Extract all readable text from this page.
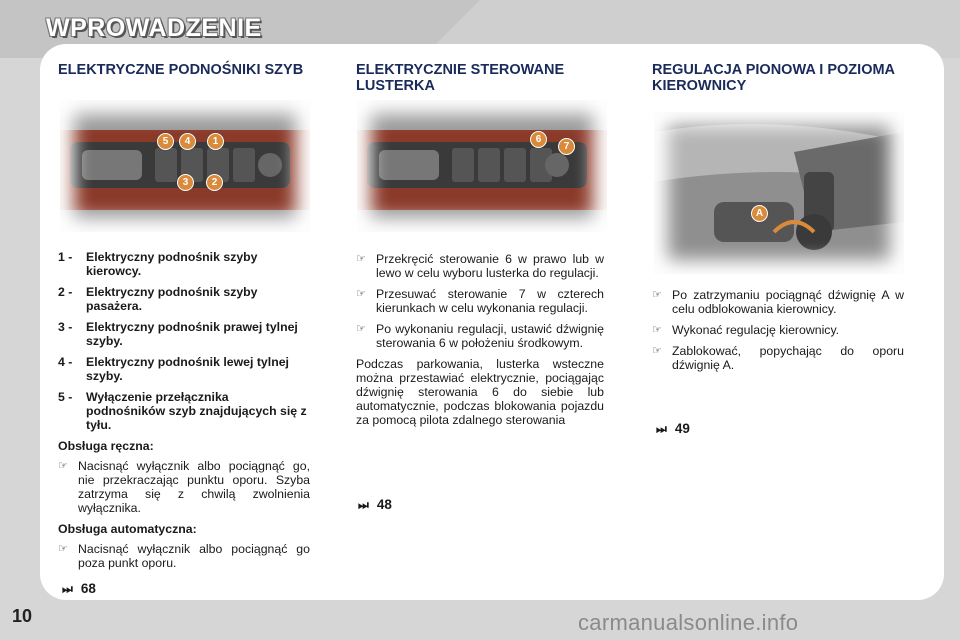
WPROWADZENIE
ELEKTRYCZNE PODNOŚNIKI SZYB
5	4	1
3	2
1 - Elektryczny podnośnik szyby kierowcy.
2 - Elektryczny podnośnik szyby pasażera.
3 - Elektryczny podnośnik prawej tylnej szyby.
4 - Elektryczny podnośnik lewej tylnej szyby.
5 - Wyłączenie przełącznika podnośników szyb znajdujących się z tyłu.
Obsługa ręczna:
☞ Nacisnąć wyłącznik albo pociągnąć go, nie przekraczając punktu oporu. Szyba zatrzyma się z chwilą zwolnienia wyłącznika.
Obsługa automatyczna:
☞ Nacisnąć wyłącznik albo pociągnąć go poza punkt oporu.
⏭ 68
ELEKTRYCZNIE STEROWANE LUSTERKA
6
7
☞ Przekręcić sterowanie 6 w prawo lub w lewo w celu wyboru lusterka do regulacji.
☞ Przesuwać sterowanie 7 w czterech kierunkach w celu wykonania regulacji.
☞ Po wykonaniu regulacji, ustawić dźwignię sterowania 6 w położeniu środkowym.
Podczas parkowania, lusterka wsteczne można przestawiać elektrycznie, pociągając dźwignię sterowania 6 do siebie lub automatycznie, podczas blokowania pojazdu za pomocą pilota zdalnego sterowania
⏭ 48
REGULACJA PIONOWA I POZIOMA KIEROWNICY
A
☞ Po zatrzymaniu pociągnąć dźwignię A w celu odblokowania kierownicy.
☞ Wykonać regulację kierownicy.
☞ Zablokować, popychając do oporu dźwignię A.
⏭ 49
10	carmanualsonline.info
